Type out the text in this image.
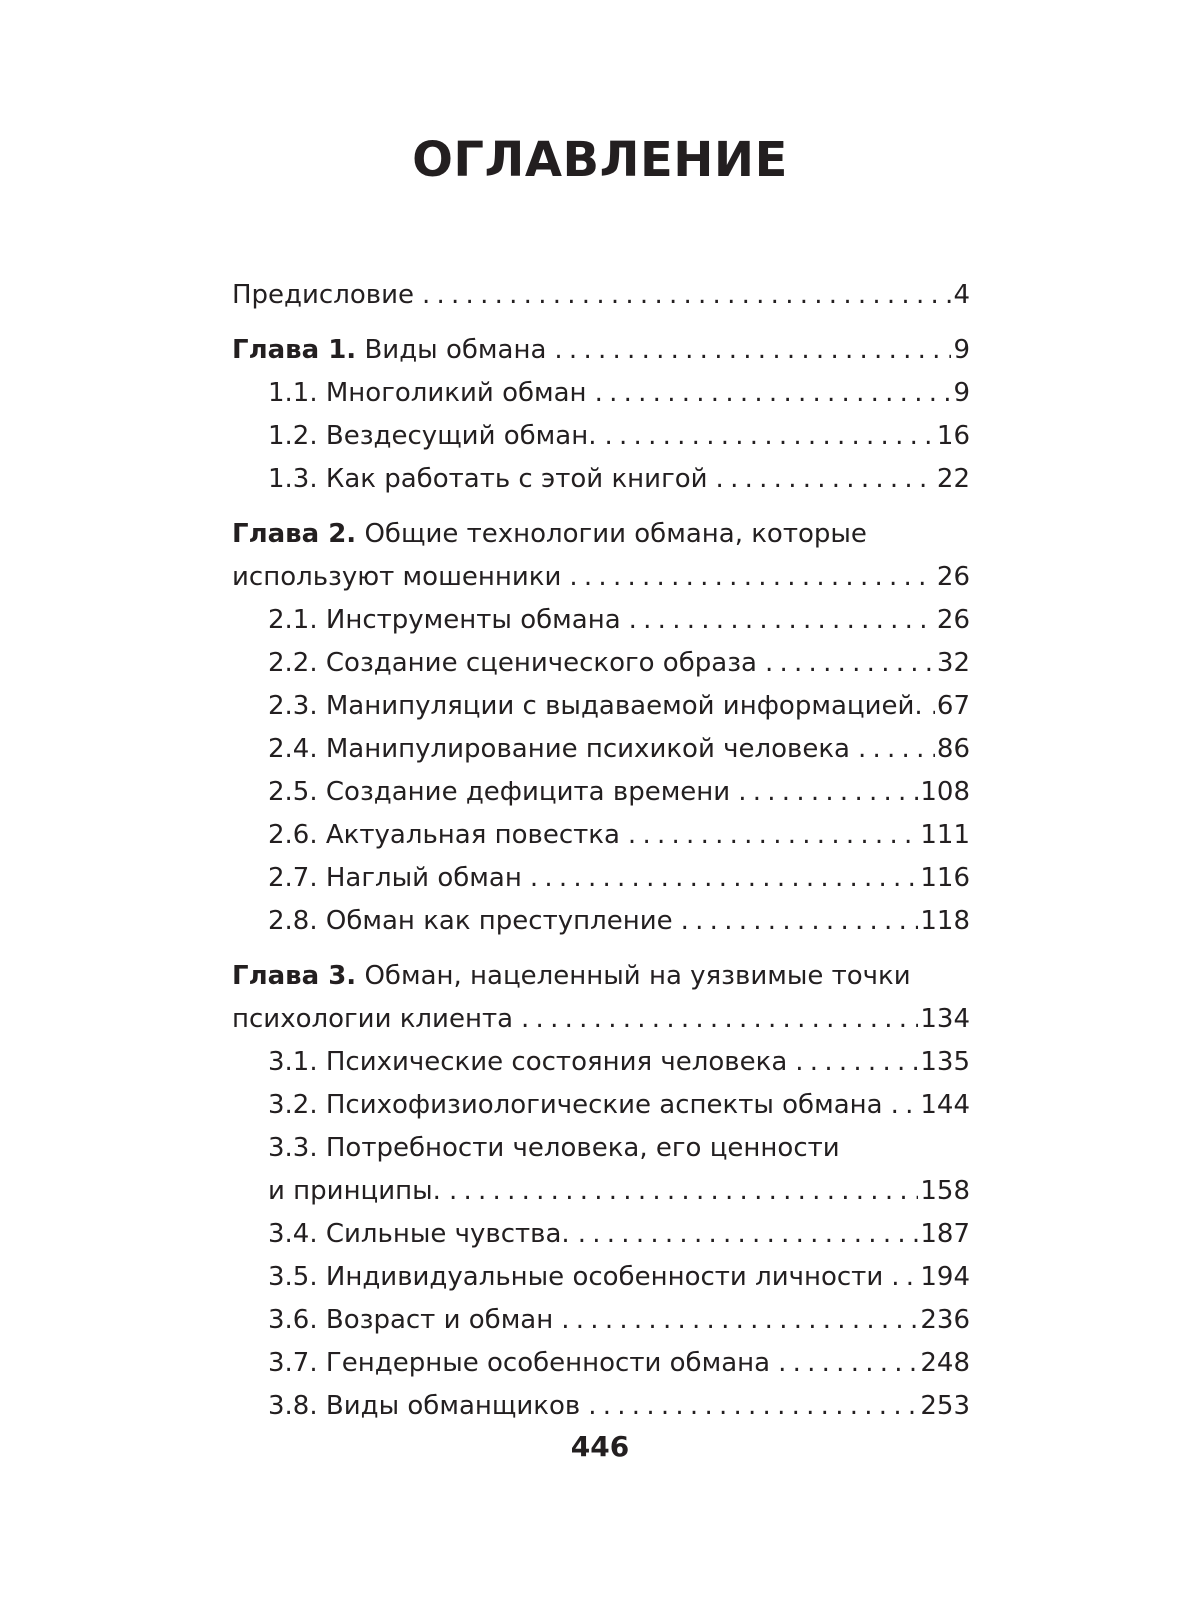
ОГЛАВЛЕНИЕ
Предисловие . . .	4
Глава 1. Виды обмана . . .	9
1.1. Многоликий обман . . .	9
1.2. Вездесущий обман. . . .	16
1.3. Как работать с этой книгой . . .	22
Глава 2. Общие технологии обмана, которые
используют мошенники . . .	26
2.1. Инструменты обмана . . .	26
2.2. Создание сценического образа . . .	32
2.3. Манипуляции с выдаваемой информацией. . . . 67
2.4. Манипулирование психикой человека . . .	86
2.5. Создание дефицита времени . . .	108
2.6. Актуальная повестка . . .	111
2.7. Наглый обман . . .	116
2.8. Обман как преступление . . .	118
Глава 3. Обман, нацеленный на уязвимые точки
психологии клиента . . .	134
3.1. Психические состояния человека . . .	135
3.2. Психофизиологические аспекты обмана . . . 144
3.3. Потребности человека, его ценности
и принципы. . . .	158
3.4. Сильные чувства. . . .	187
3.5. Индивидуальные особенности личности . . . 194
3.6. Возраст и обман . . .	236
3.7. Гендерные особенности обмана . . .	248
3.8. Виды обманщиков . . .	253
446
